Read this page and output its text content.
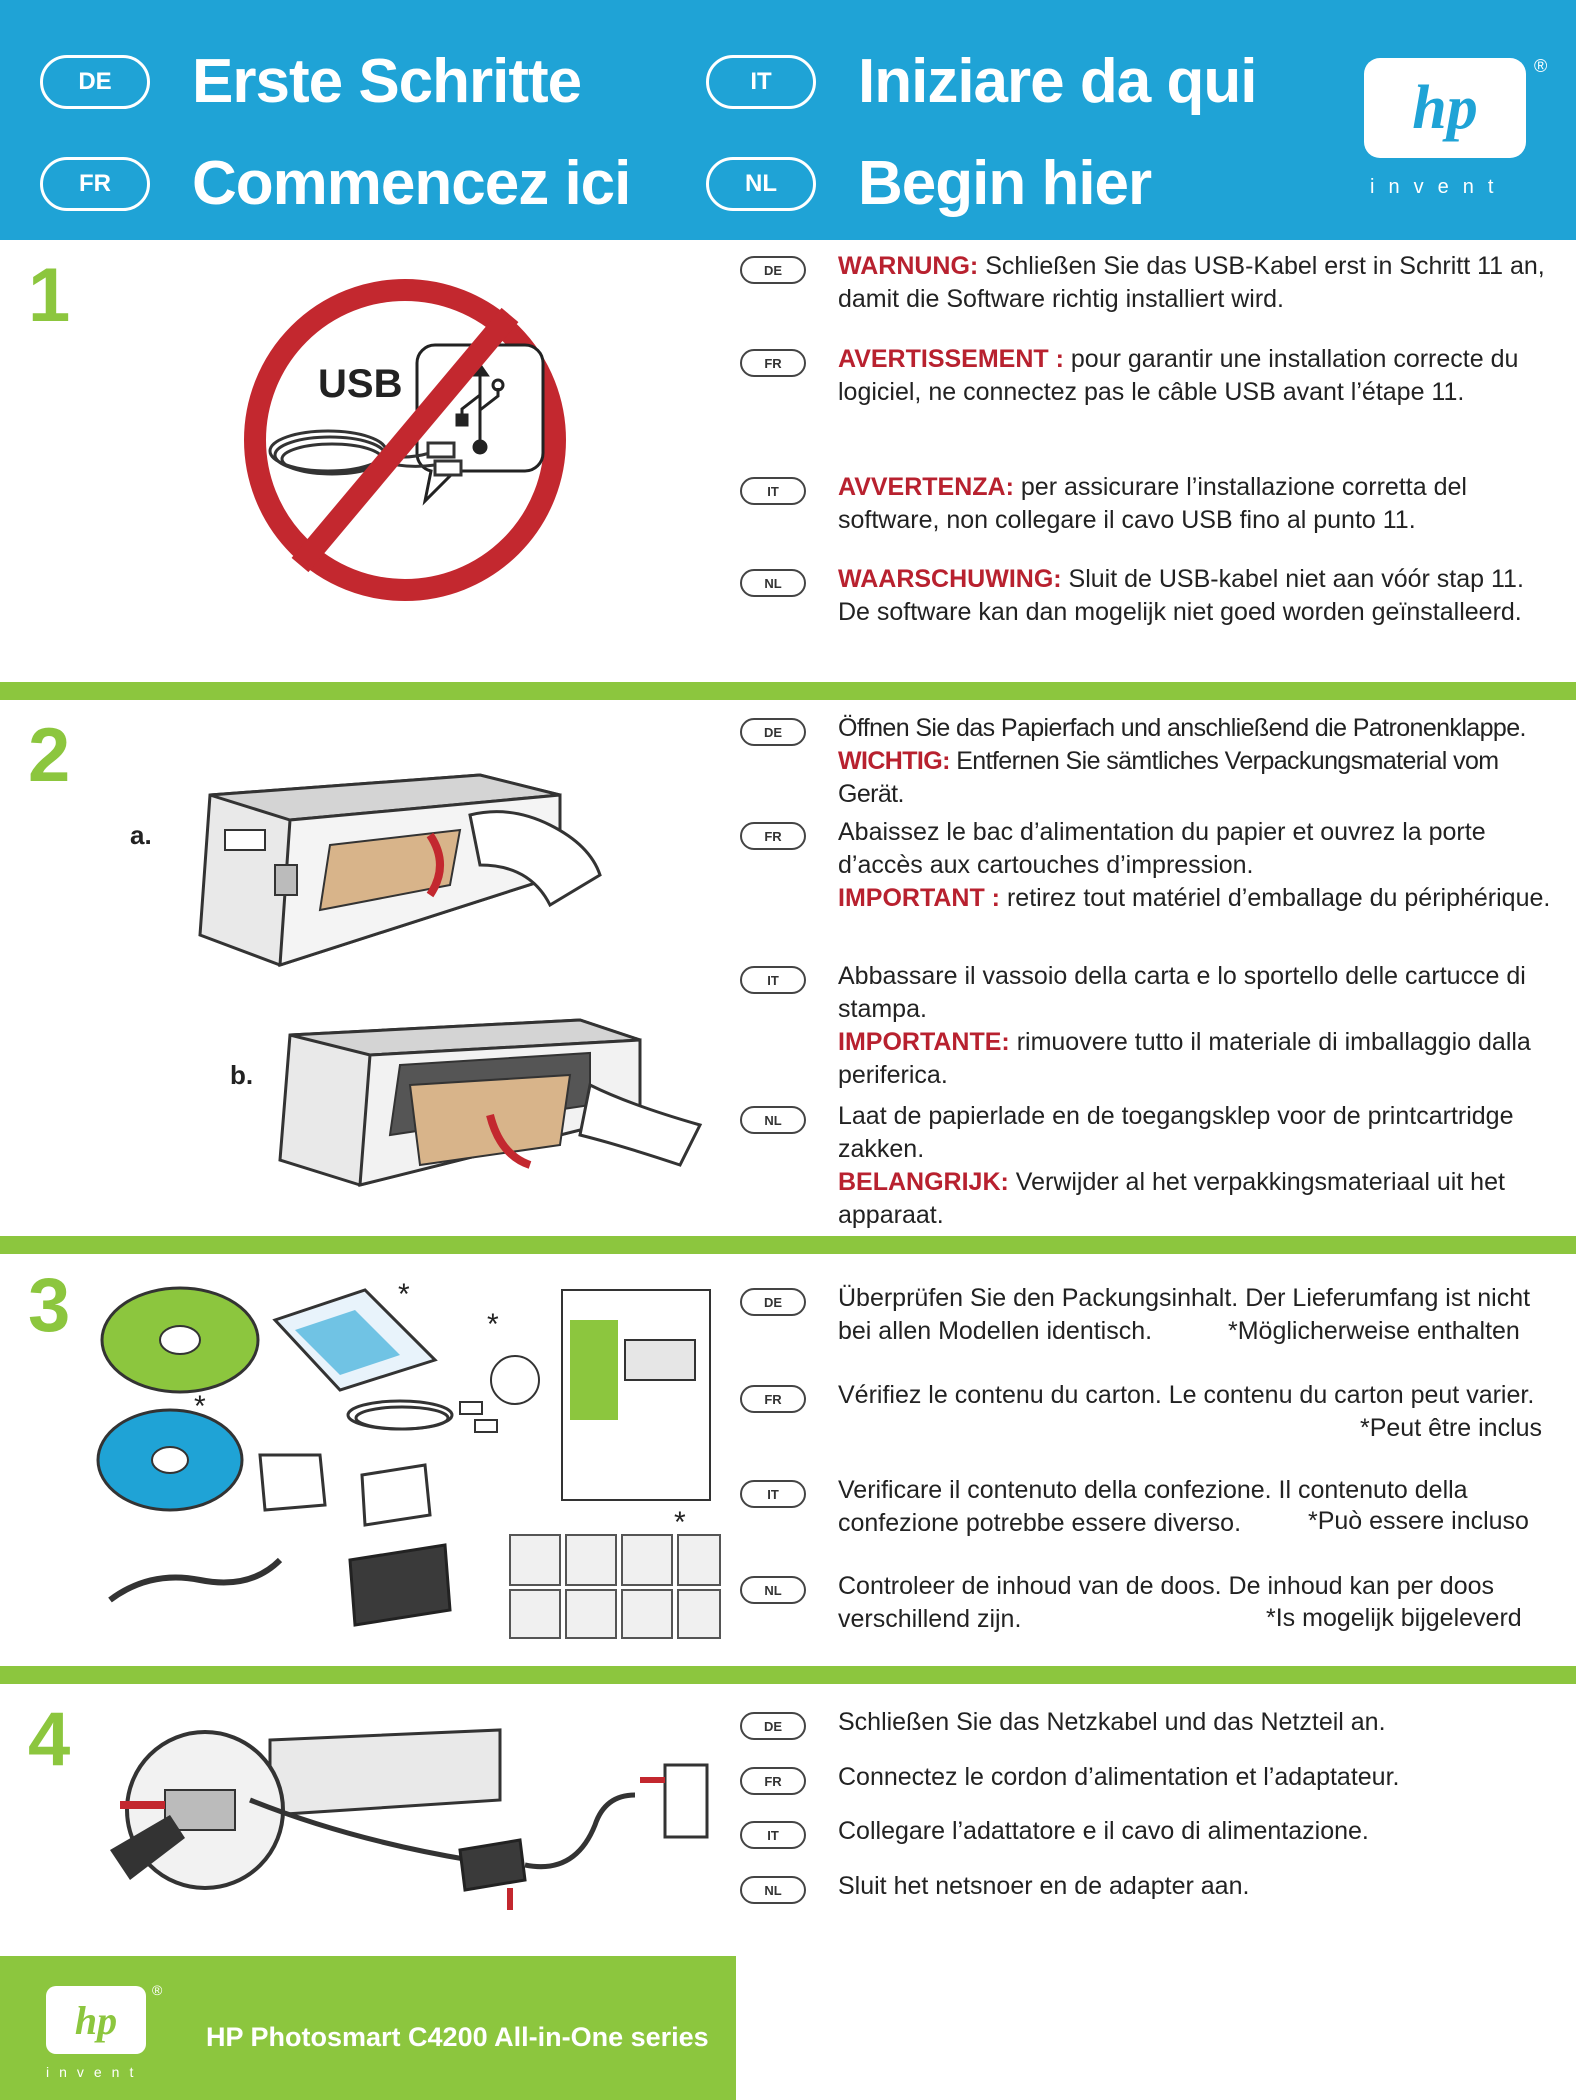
DE	Erste Schritte
FR	Commencez ici
IT	Iniziare da qui
NL	Begin hier
hp
®
invent
1
USB
DE	WARNUNG: Schließen Sie das USB-Kabel erst in Schritt 11 an, damit die Software richtig installiert wird.
FR	AVERTISSEMENT : pour garantir une installation correcte du logiciel, ne connectez pas le câble USB avant l’étape 11.
IT	AVVERTENZA: per assicurare l’installazione corretta del software, non collegare il cavo USB fino al punto 11.
NL	WAARSCHUWING: Sluit de USB-kabel niet aan vóór stap 11. De software kan dan mogelijk niet goed worden geïnstalleerd.
2
a.
b.
DE	Öffnen Sie das Papierfach und anschließend die Patronenklappe.
WICHTIG: Entfernen Sie sämtliches Verpackungsmaterial vom Gerät.
FR	Abaissez le bac d’alimentation du papier et ouvrez la porte d’accès aux cartouches d’impression.
IMPORTANT : retirez tout matériel d’emballage du périphérique.
IT	Abbassare il vassoio della carta e lo sportello delle cartucce di stampa.
IMPORTANTE: rimuovere tutto il materiale di imballaggio dalla periferica.
NL	Laat de papierlade en de toegangsklep voor de printcartridge zakken.
BELANGRIJK: Verwijder al het verpakkingsmateriaal uit het apparaat.
3	*
*
*
*
DE	Überprüfen Sie den Packungsinhalt. Der Lieferumfang ist nicht bei allen Modellen identisch.	*Möglicherweise enthalten
FR	Vérifiez le contenu du carton. Le contenu du carton peut varier.
*Peut être inclus
IT	Verificare il contenuto della confezione. Il contenuto della confezione potrebbe essere diverso.	*Può essere incluso
NL	Controleer de inhoud van de doos. De inhoud kan per doos verschillend zijn.	*Is mogelijk bijgeleverd
4	DE	Schließen Sie das Netzkabel und das Netzteil an.
FR	Connectez le cordon d’alimentation et l’adaptateur.
IT	Collegare l’adattatore e il cavo di alimentazione.
NL	Sluit het netsnoer en de adapter aan.
hp
®
invent
HP Photosmart C4200 All-in-One series
